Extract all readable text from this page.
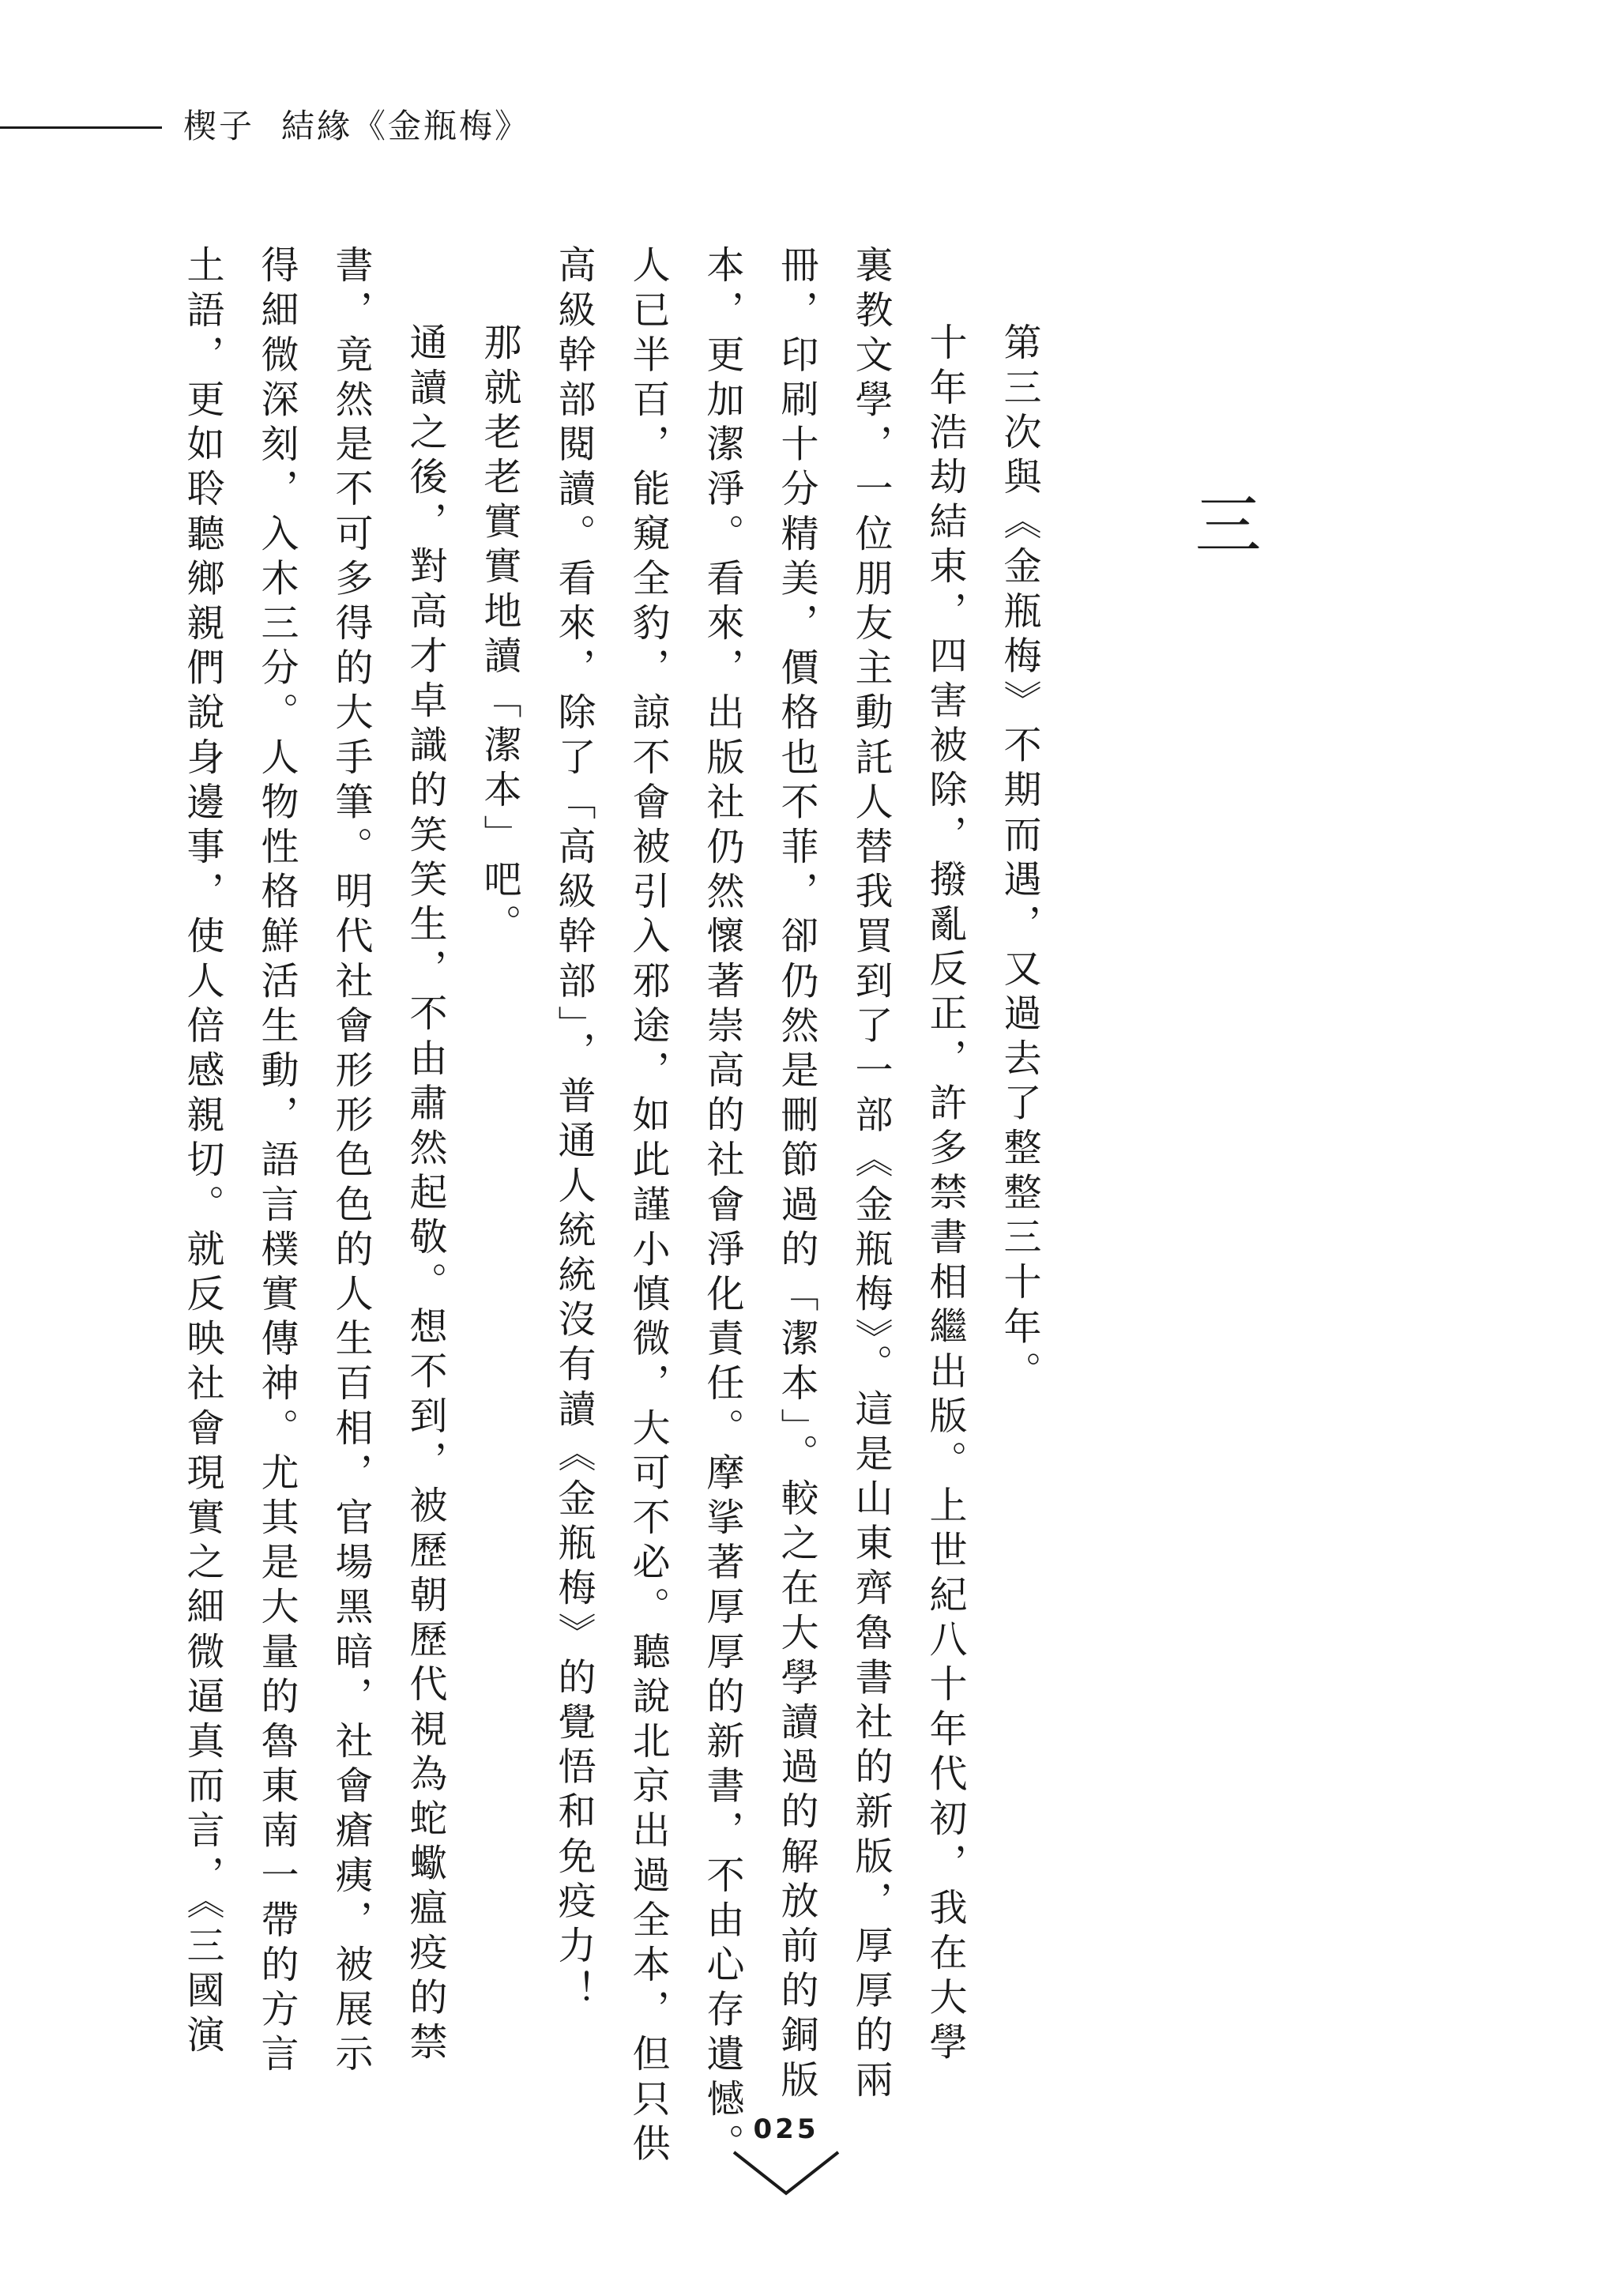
楔子 結緣《金瓶梅》
三
第三次與《金瓶梅》不期而遇，又過去了整整三十年。
十年浩劫結束，四害被除，撥亂反正，許多禁書相繼出版。上世紀八十年代初，我在大學
裏教文學，一位朋友主動託人替我買到了一部《金瓶梅》。這是山東齊魯書社的新版，厚厚的兩
冊，印刷十分精美，價格也不菲，卻仍然是刪節過的「潔本」。較之在大學讀過的解放前的銅版
本，更加潔淨。看來，出版社仍然懷著崇高的社會淨化責任。摩挲著厚厚的新書，不由心存遺憾。
人已半百，能窺全豹，諒不會被引入邪途，如此謹小慎微，大可不必。聽說北京出過全本，但只供
高級幹部閱讀。看來，除了「高級幹部」，普通人統統沒有讀《金瓶梅》的覺悟和免疫力！
那就老老實實地讀「潔本」吧。
通讀之後，對高才卓識的笑笑生，不由肅然起敬。想不到，被歷朝歷代視為蛇蠍瘟疫的禁
書，竟然是不可多得的大手筆。明代社會形形色色的人生百相，官場黑暗，社會瘡痍，被展示
得細微深刻，入木三分。人物性格鮮活生動，語言樸實傳神。尤其是大量的魯東南一帶的方言
土語，更如聆聽鄉親們說身邊事，使人倍感親切。就反映社會現實之細微逼真而言，《三國演
025
